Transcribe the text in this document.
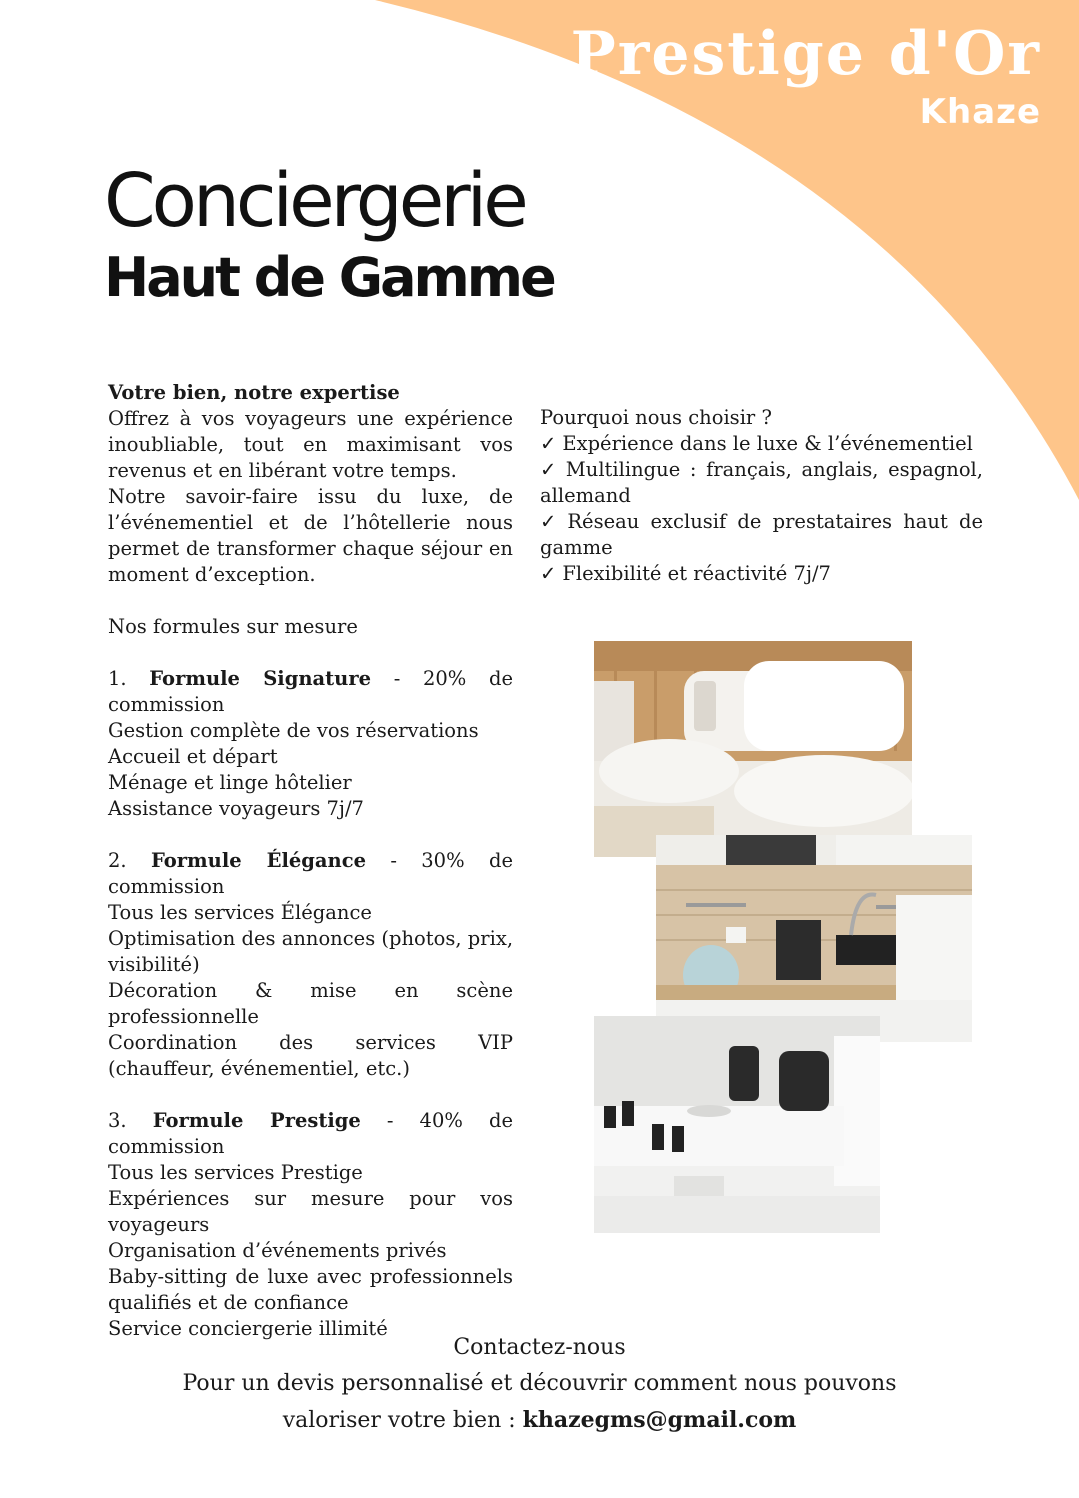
Prestige d'Or
Khaze
Conciergerie
Haut de Gamme

Votre bien, notre expertise

Offrez à vos voyageurs une expérience inoubliable, tout en maximisant vos revenus et en libérant votre temps.

Notre savoir-faire issu du luxe, de l’événementiel et de l’hôtellerie nous permet de transformer chaque séjour en moment d’exception.

Nos formules sur mesure

1. Formule Signature - 20% de commission

Gestion complète de vos réservations

Accueil et départ

Ménage et linge hôtelier

Assistance voyageurs 7j/7

2. Formule Élégance - 30% de commission

Tous les services Élégance

Optimisation des annonces (photos, prix, visibilité)

Décoration & mise en scène professionnelle

Coordination des services VIP (chauffeur, événementiel, etc.)

3. Formule Prestige - 40% de commission

Tous les services Prestige

Expériences sur mesure pour vos voyageurs

Organisation d’événements privés

Baby-sitting de luxe avec professionnels qualifiés et de confiance

Service conciergerie illimité

Pourquoi nous choisir ?

✓ Expérience dans le luxe & l’événementiel

✓ Multilingue : français, anglais, espagnol, allemand

✓ Réseau exclusif de prestataires haut de gamme

✓ Flexibilité et réactivité 7j/7

Contactez-nous

Pour un devis personnalisé et découvrir comment nous pouvons

valoriser votre bien : khazegms@gmail.com
